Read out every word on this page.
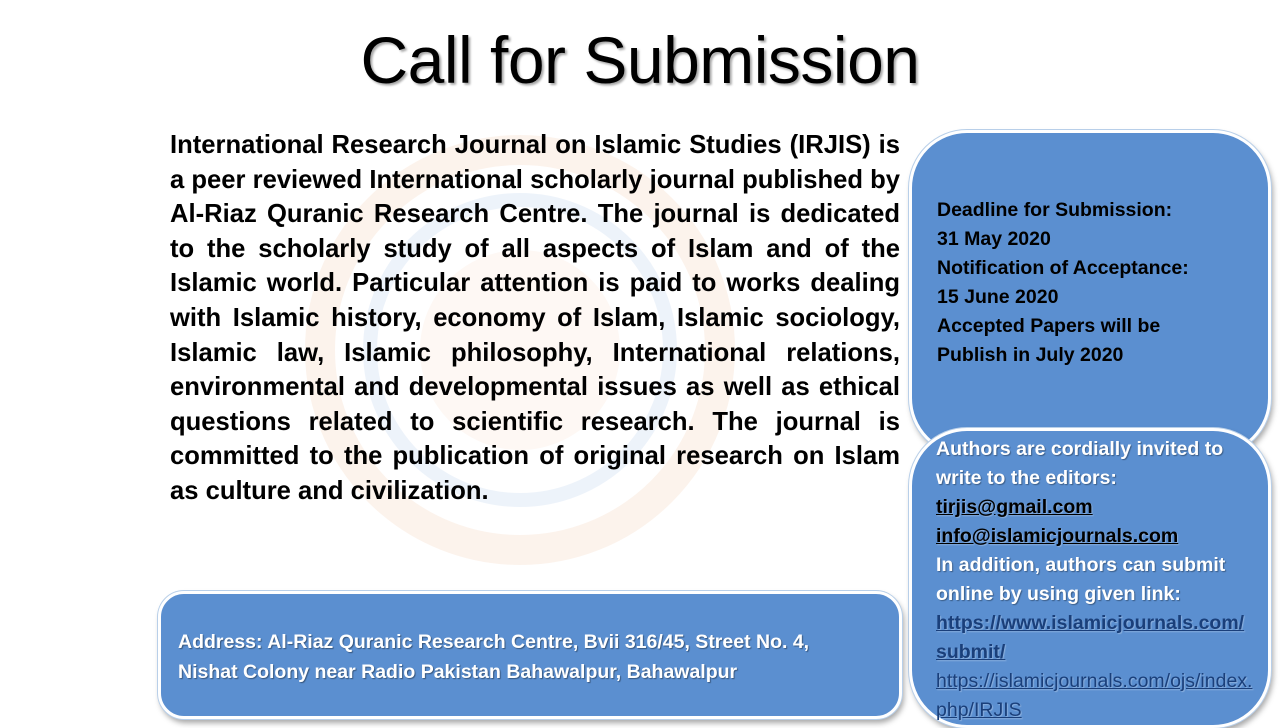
Call for Submission
International Research Journal on Islamic Studies (IRJIS) is a peer reviewed International scholarly journal published by Al-Riaz Quranic Research Centre. The journal is dedicated to the scholarly study of all aspects of Islam and of the Islamic world. Particular attention is paid to works dealing with Islamic history, economy of Islam, Islamic sociology, Islamic law, Islamic philosophy, International relations, environmental and developmental issues as well as ethical questions related to scientific research. The journal is committed to the publication of original research on Islam as culture and civilization.
Deadline for Submission:
31 May 2020
Notification of Acceptance:
15 June 2020
Accepted Papers will be
Publish in July 2020
Authors are cordially invited to write to the editors:
tirjis@gmail.com
info@islamicjournals.com
In addition, authors can submit online by using given link:
https://www.islamicjournals.com/submit/
https://islamicjournals.com/ojs/index.php/IRJIS
Address: Al-Riaz Quranic Research Centre, Bvii 316/45, Street No. 4,
Nishat Colony near Radio Pakistan Bahawalpur, Bahawalpur
